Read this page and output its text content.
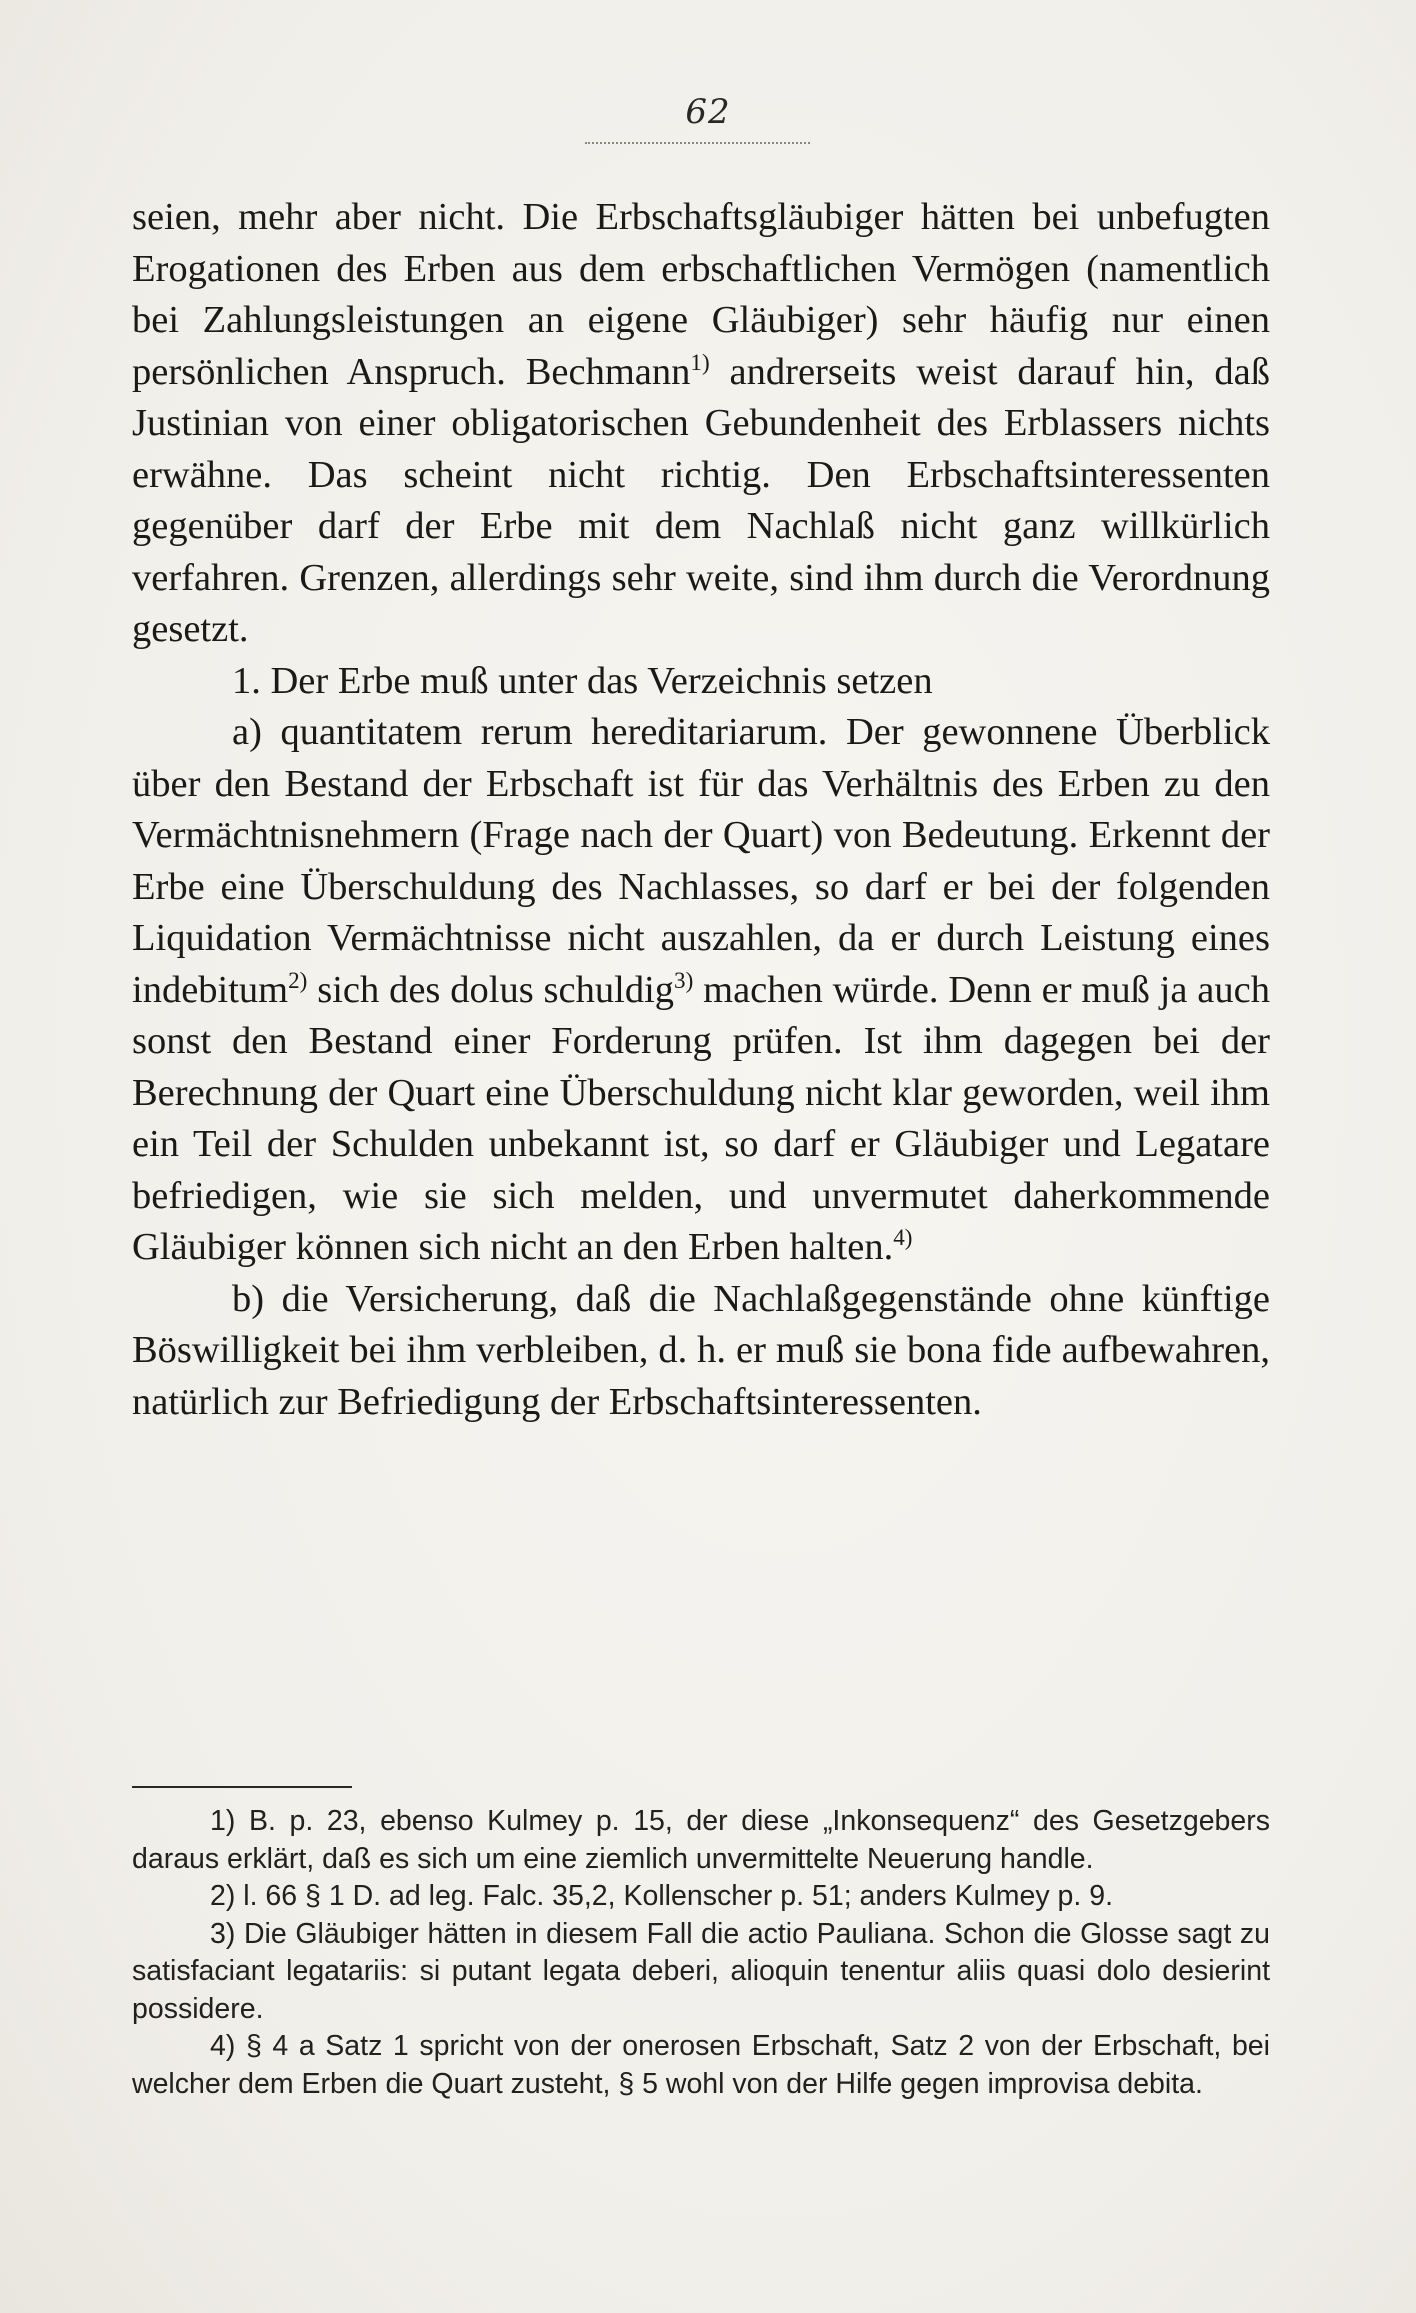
62

seien, mehr aber nicht. Die Erbschaftsgläubiger hätten bei unbefugten Erogationen des Erben aus dem erbschaftlichen Vermögen (namentlich bei Zahlungsleistungen an eigene Gläubiger) sehr häufig nur einen persönlichen Anspruch. Bechmann$^{1)}$ andrerseits weist darauf hin, daß Justinian von einer obligatorischen Gebundenheit des Erblassers nichts erwähne. Das scheint nicht richtig. Den Erbschaftsinteressenten gegenüber darf der Erbe mit dem Nachlaß nicht ganz willkürlich verfahren. Grenzen, allerdings sehr weite, sind ihm durch die Verordnung gesetzt.

1. Der Erbe muß unter das Verzeichnis setzen

a) quantitatem rerum hereditariarum. Der gewonnene Überblick über den Bestand der Erbschaft ist für das Verhältnis des Erben zu den Vermächtnisnehmern (Frage nach der Quart) von Bedeutung. Erkennt der Erbe eine Überschuldung des Nachlasses, so darf er bei der folgenden Liquidation Vermächtnisse nicht auszahlen, da er durch Leistung eines indebitum$^{2)}$ sich des dolus schuldig$^{3)}$ machen würde. Denn er muß ja auch sonst den Bestand einer Forderung prüfen. Ist ihm dagegen bei der Berechnung der Quart eine Überschuldung nicht klar geworden, weil ihm ein Teil der Schulden unbekannt ist, so darf er Gläubiger und Legatare befriedigen, wie sie sich melden, und unvermutet daherkommende Gläubiger können sich nicht an den Erben halten.$^{4)}$

b) die Versicherung, daß die Nachlaßgegenstände ohne künftige Böswilligkeit bei ihm verbleiben, d. h. er muß sie bona fide aufbewahren, natürlich zur Befriedigung der Erbschaftsinteressenten.

1) B. p. 23, ebenso Kulmey p. 15, der diese „Inkonsequenz“ des Gesetzgebers daraus erklärt, daß es sich um eine ziemlich unvermittelte Neuerung handle.

2) l. 66 § 1 D. ad leg. Falc. 35,2, Kollenscher p. 51; anders Kulmey p. 9.

3) Die Gläubiger hätten in diesem Fall die actio Pauliana. Schon die Glosse sagt zu satisfaciant legatariis: si putant legata deberi, alioquin tenentur aliis quasi dolo desierint possidere.

4) § 4 a Satz 1 spricht von der onerosen Erbschaft, Satz 2 von der Erbschaft, bei welcher dem Erben die Quart zusteht, § 5 wohl von der Hilfe gegen improvisa debita.
